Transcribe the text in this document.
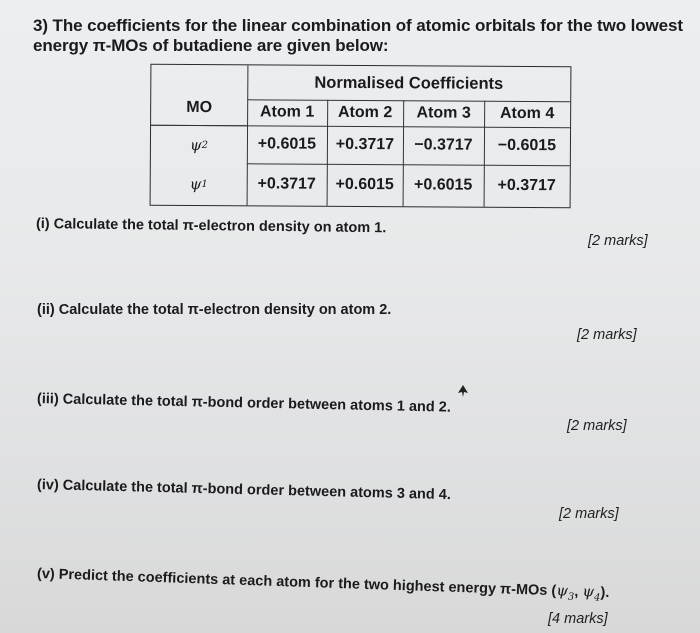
3) The coefficients for the linear combination of atomic orbitals for the two lowest
energy π-MOs of butadiene are given below:
Normalised Coefficients
MO	Atom 1	Atom 2	Atom 3	Atom 4
ψ 2	+0.6015	+0.3717	−0.3717	−0.6015
ψ 1	+0.3717	+0.6015	+0.6015	+0.3717
(i) Calculate the total π-electron density on atom 1.
[2 marks]
(ii) Calculate the total π-electron density on atom 2.
[2 marks]
(iii) Calculate the total π-bond order between atoms 1 and 2.
[2 marks]
(iv) Calculate the total π-bond order between atoms 3 and 4.
[2 marks]
(v) Predict the coefficients at each atom for the two highest energy π-MOs ($\psi_3$, $\psi_4$).
[4 marks]
